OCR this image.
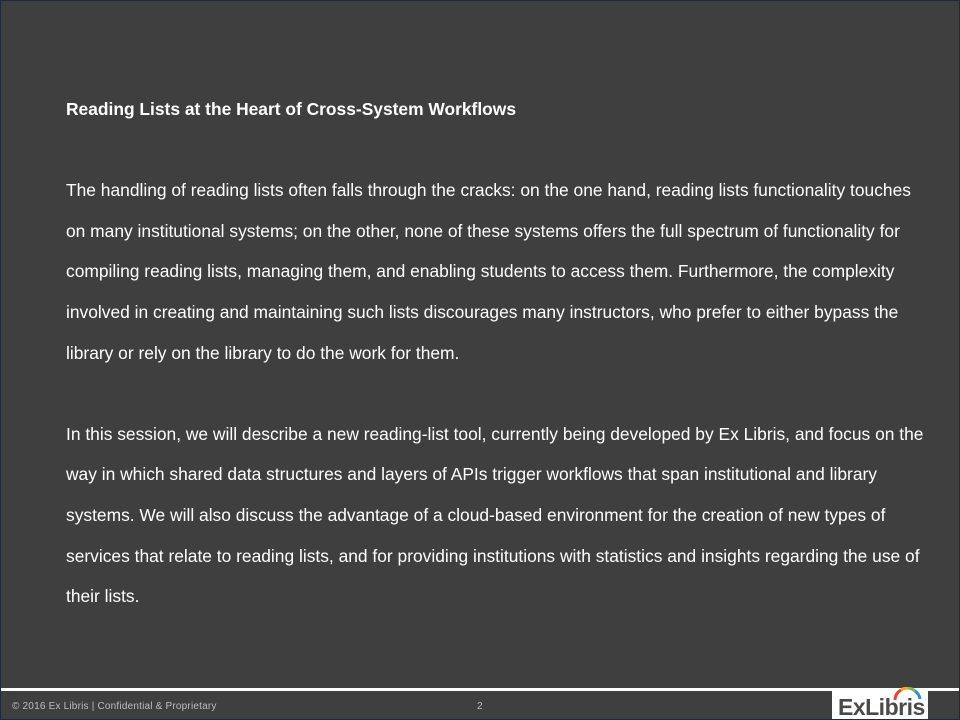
Reading Lists at the Heart of Cross-System Workflows

The handling of reading lists often falls through the cracks: on the one hand, reading lists functionality touches on many institutional systems; on the other, none of these systems offers the full spectrum of functionality for compiling reading lists, managing them, and enabling students to access them. Furthermore, the complexity involved in creating and maintaining such lists discourages many instructors, who prefer to either bypass the library or rely on the library to do the work for them.

In this session, we will describe a new reading-list tool, currently being developed by Ex Libris, and focus on the way in which shared data structures and layers of APIs trigger workflows that span institutional and library systems. We will also discuss the advantage of a cloud-based environment for the creation of new types of services that relate to reading lists, and for providing institutions with statistics and insights regarding the use of their lists.

© 2016 Ex Libris | Confidential & Proprietary	2	ExLibris
